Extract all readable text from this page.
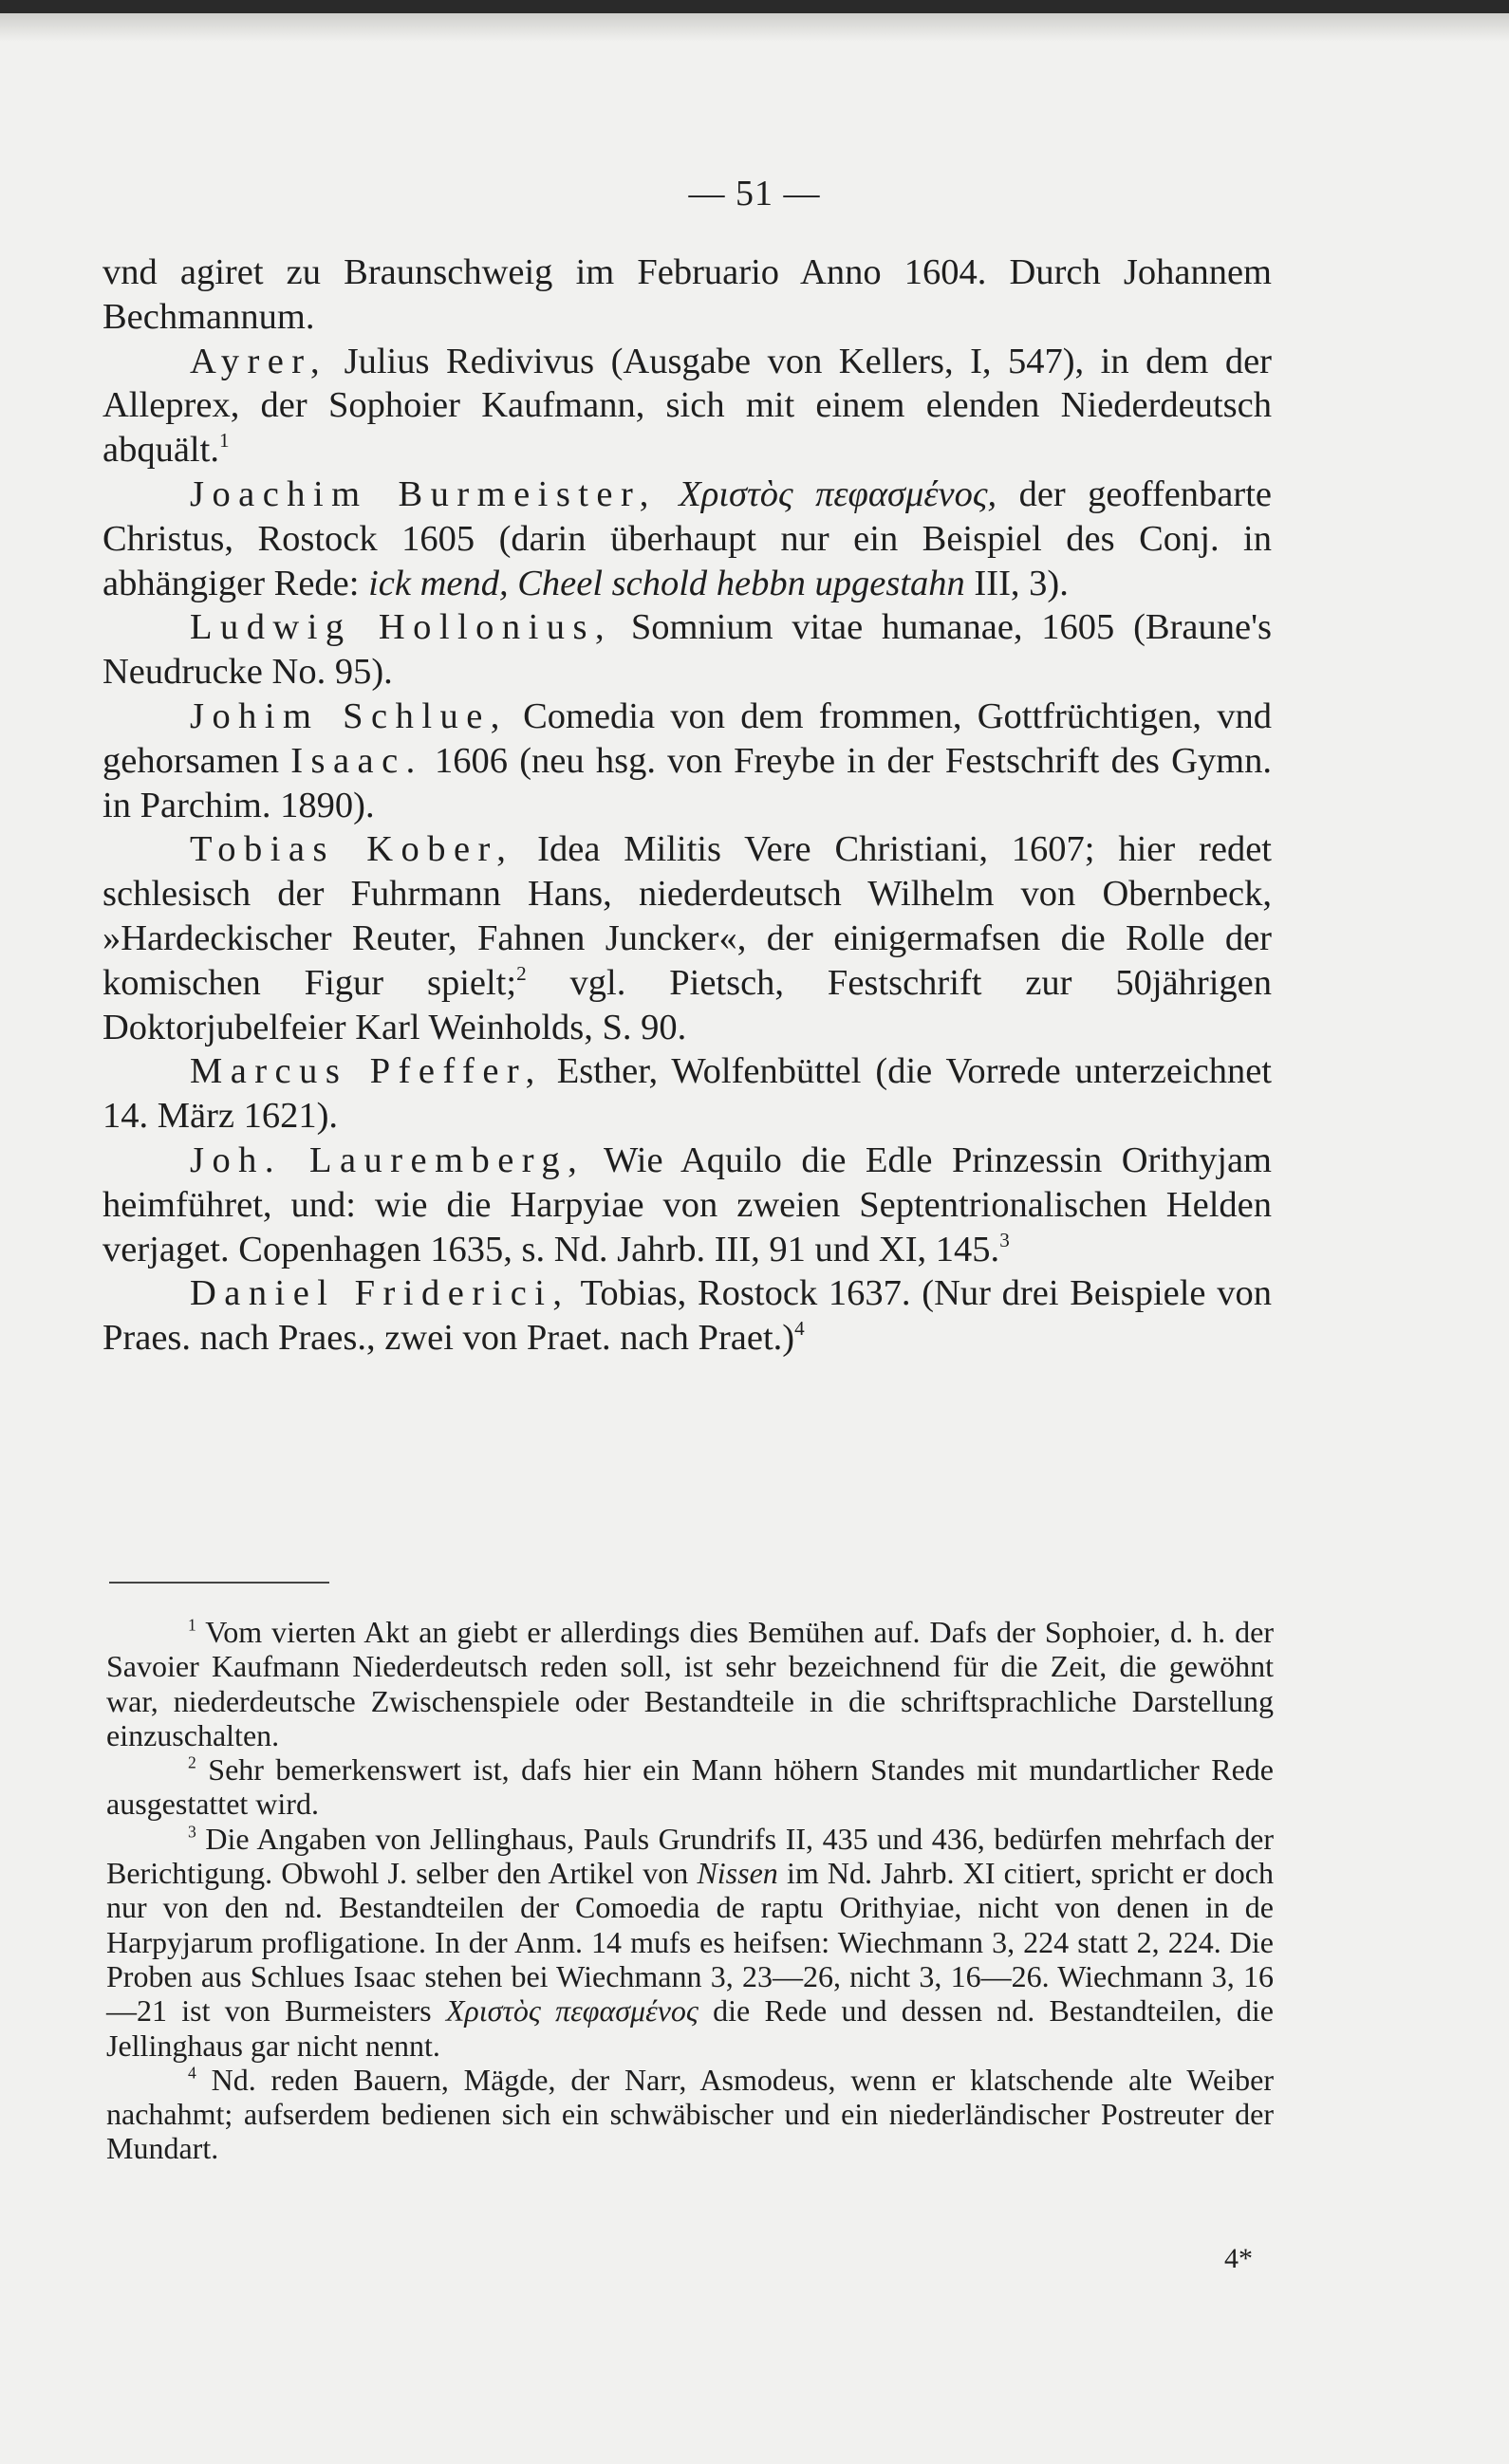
— 51 —

vnd agiret zu Braunschweig im Februario Anno 1604. Durch Johannem Bechmannum.

Ayrer, Julius Redivivus (Ausgabe von Kellers, I, 547), in dem der Alleprex, der Sophoier Kaufmann, sich mit einem elenden Niederdeutsch abquält.$^1$

Joachim Burmeister, Χριστὸς πεφασμένος, der geoffenbarte Christus, Rostock 1605 (darin überhaupt nur ein Beispiel des Conj. in abhängiger Rede: ick mend, Cheel schold hebbn upgestahn III, 3).

Ludwig Hollonius, Somnium vitae humanae, 1605 (Braune's Neudrucke No. 95).

Johim Schlue, Comedia von dem frommen, Gottfrüchtigen, vnd gehorsamen Isaac. 1606 (neu hsg. von Freybe in der Festschrift des Gymn. in Parchim. 1890).

Tobias Kober, Idea Militis Vere Christiani, 1607; hier redet schlesisch der Fuhrmann Hans, niederdeutsch Wilhelm von Obernbeck, »Hardeckischer Reuter, Fahnen Juncker«, der einigermafsen die Rolle der komischen Figur spielt;$^2$ vgl. Pietsch, Festschrift zur 50jährigen Doktorjubelfeier Karl Weinholds, S. 90.

Marcus Pfeffer, Esther, Wolfenbüttel (die Vorrede unterzeichnet 14. März 1621).

Joh. Lauremberg, Wie Aquilo die Edle Prinzessin Orithyjam heimführet, und: wie die Harpyiae von zweien Septentrionalischen Helden verjaget. Copenhagen 1635, s. Nd. Jahrb. III, 91 und XI, 145.$^3$

Daniel Friderici, Tobias, Rostock 1637. (Nur drei Beispiele von Praes. nach Praes., zwei von Praet. nach Praet.)$^4$

$^1$ Vom vierten Akt an giebt er allerdings dies Bemühen auf. Dafs der Sophoier, d. h. der Savoier Kaufmann Niederdeutsch reden soll, ist sehr bezeichnend für die Zeit, die gewöhnt war, niederdeutsche Zwischenspiele oder Bestandteile in die schriftsprachliche Darstellung einzuschalten.

$^2$ Sehr bemerkenswert ist, dafs hier ein Mann höhern Standes mit mundartlicher Rede ausgestattet wird.

$^3$ Die Angaben von Jellinghaus, Pauls Grundrifs II, 435 und 436, bedürfen mehrfach der Berichtigung. Obwohl J. selber den Artikel von Nissen im Nd. Jahrb. XI citiert, spricht er doch nur von den nd. Bestandteilen der Comoedia de raptu Orithyiae, nicht von denen in de Harpyjarum profligatione. In der Anm. 14 mufs es heifsen: Wiechmann 3, 224 statt 2, 224. Die Proben aus Schlues Isaac stehen bei Wiechmann 3, 23—26, nicht 3, 16—26. Wiechmann 3, 16—21 ist von Burmeisters Χριστὸς πεφασμένος die Rede und dessen nd. Bestandteilen, die Jellinghaus gar nicht nennt.

$^4$ Nd. reden Bauern, Mägde, der Narr, Asmodeus, wenn er klatschende alte Weiber nachahmt; aufserdem bedienen sich ein schwäbischer und ein niederländischer Postreuter der Mundart.

4*
